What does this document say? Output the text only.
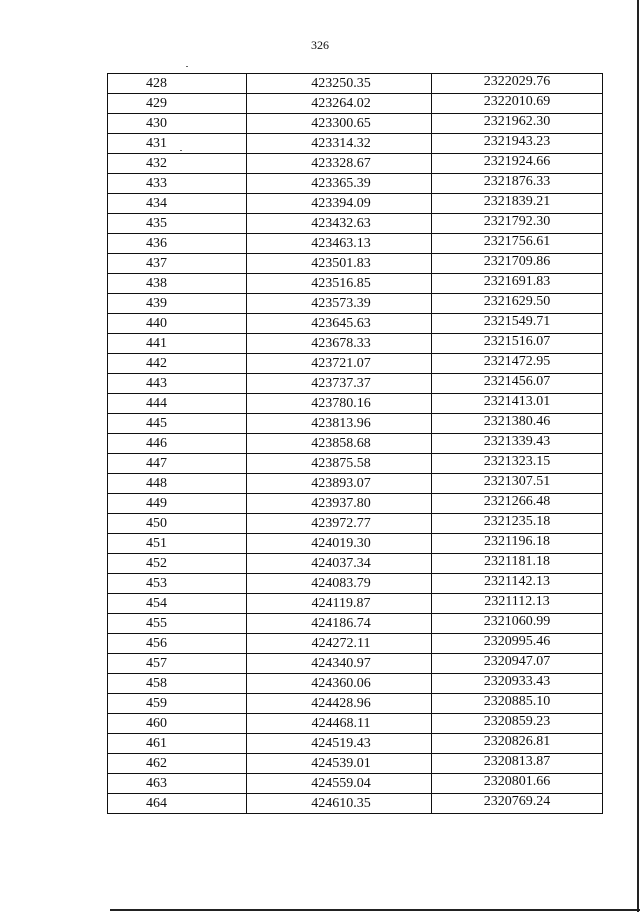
326
428	423250.35	2322029.76
429	423264.02	2322010.69
430	423300.65	2321962.30
431	423314.32	2321943.23
432	423328.67	2321924.66
433	423365.39	2321876.33
434	423394.09	2321839.21
435	423432.63	2321792.30
436	423463.13	2321756.61
437	423501.83	2321709.86
438	423516.85	2321691.83
439	423573.39	2321629.50
440	423645.63	2321549.71
441	423678.33	2321516.07
442	423721.07	2321472.95
443	423737.37	2321456.07
444	423780.16	2321413.01
445	423813.96	2321380.46
446	423858.68	2321339.43
447	423875.58	2321323.15
448	423893.07	2321307.51
449	423937.80	2321266.48
450	423972.77	2321235.18
451	424019.30	2321196.18
452	424037.34	2321181.18
453	424083.79	2321142.13
454	424119.87	2321112.13
455	424186.74	2321060.99
456	424272.11	2320995.46
457	424340.97	2320947.07
458	424360.06	2320933.43
459	424428.96	2320885.10
460	424468.11	2320859.23
461	424519.43	2320826.81
462	424539.01	2320813.87
463	424559.04	2320801.66
464	424610.35	2320769.24
